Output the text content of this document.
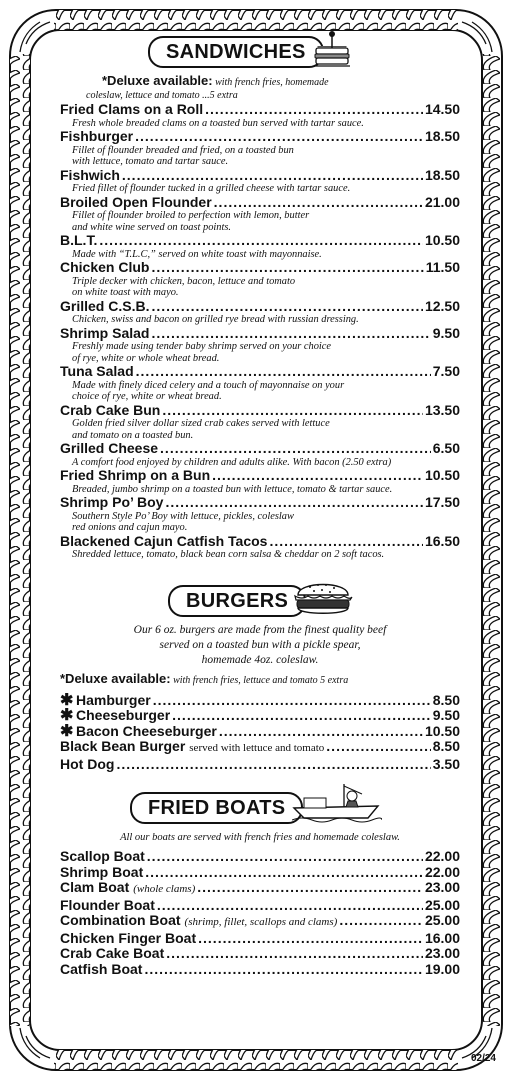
SANDWICHES
*Deluxe available: with french fries, homemade
coleslaw, lettuce and tomato ...5 extra
Fried Clams on a Roll .....	14.50
Fresh whole breaded clams on a toasted bun served with tartar sauce.
Fishburger .....	18.50
Fillet of flounder breaded and fried, on a toasted bun
with lettuce, tomato and tartar sauce.
Fishwich .....	18.50
Fried fillet of flounder tucked in a grilled cheese with tartar sauce.
Broiled Open Flounder .....	21.00
Fillet of flounder broiled to perfection with lemon, butter
and white wine served on toast points.
B.L.T. .....	10.50
Made with “T.L.C,” served on white toast with mayonnaise.
Chicken Club .....	11.50
Triple decker with chicken, bacon, lettuce and tomato
on white toast with mayo.
Grilled C.S.B. .....	12.50
Chicken, swiss and bacon on grilled rye bread with russian dressing.
Shrimp Salad .....	9.50
Freshly made using tender baby shrimp served on your choice
of rye, white or whole wheat bread.
Tuna Salad .....	7.50
Made with finely diced celery and a touch of mayonnaise on your
choice of rye, white or wheat bread.
Crab Cake Bun .....	13.50
Golden fried silver dollar sized crab cakes served with lettuce
and tomato on a toasted bun.
Grilled Cheese .....	6.50
A comfort food enjoyed by children and adults alike. With bacon (2.50 extra)
Fried Shrimp on a Bun .....	10.50
Breaded, jumbo shrimp on a toasted bun with lettuce, tomato & tartar sauce.
Shrimp Po’ Boy .....	17.50
Southern Style Po’ Boy with lettuce, pickles, coleslaw
red onions and cajun mayo.
Blackened Cajun Catfish Tacos .....	16.50
Shredded lettuce, tomato, black bean corn salsa & cheddar on 2 soft tacos.
BURGERS
Our 6 oz. burgers are made from the finest quality beef
served on a toasted bun with a pickle spear,
homemade 4oz. coleslaw.
*Deluxe available: with french fries, lettuce and tomato 5 extra
✱ Hamburger .....	8.50
✱ Cheeseburger .....	9.50
✱ Bacon Cheeseburger .....	10.50
Black Bean Burger served with lettuce and tomato .....	8.50
Hot Dog .....	3.50
FRIED BOATS
All our boats are served with french fries and homemade coleslaw.
Scallop Boat .....	22.00
Shrimp Boat .....	22.00
Clam Boat (whole clams) .....	23.00
Flounder Boat .....	25.00
Combination Boat (shrimp, fillet, scallops and clams) .....	25.00
Chicken Finger Boat .....	16.00
Crab Cake Boat .....	23.00
Catfish Boat .....	19.00
02/24
